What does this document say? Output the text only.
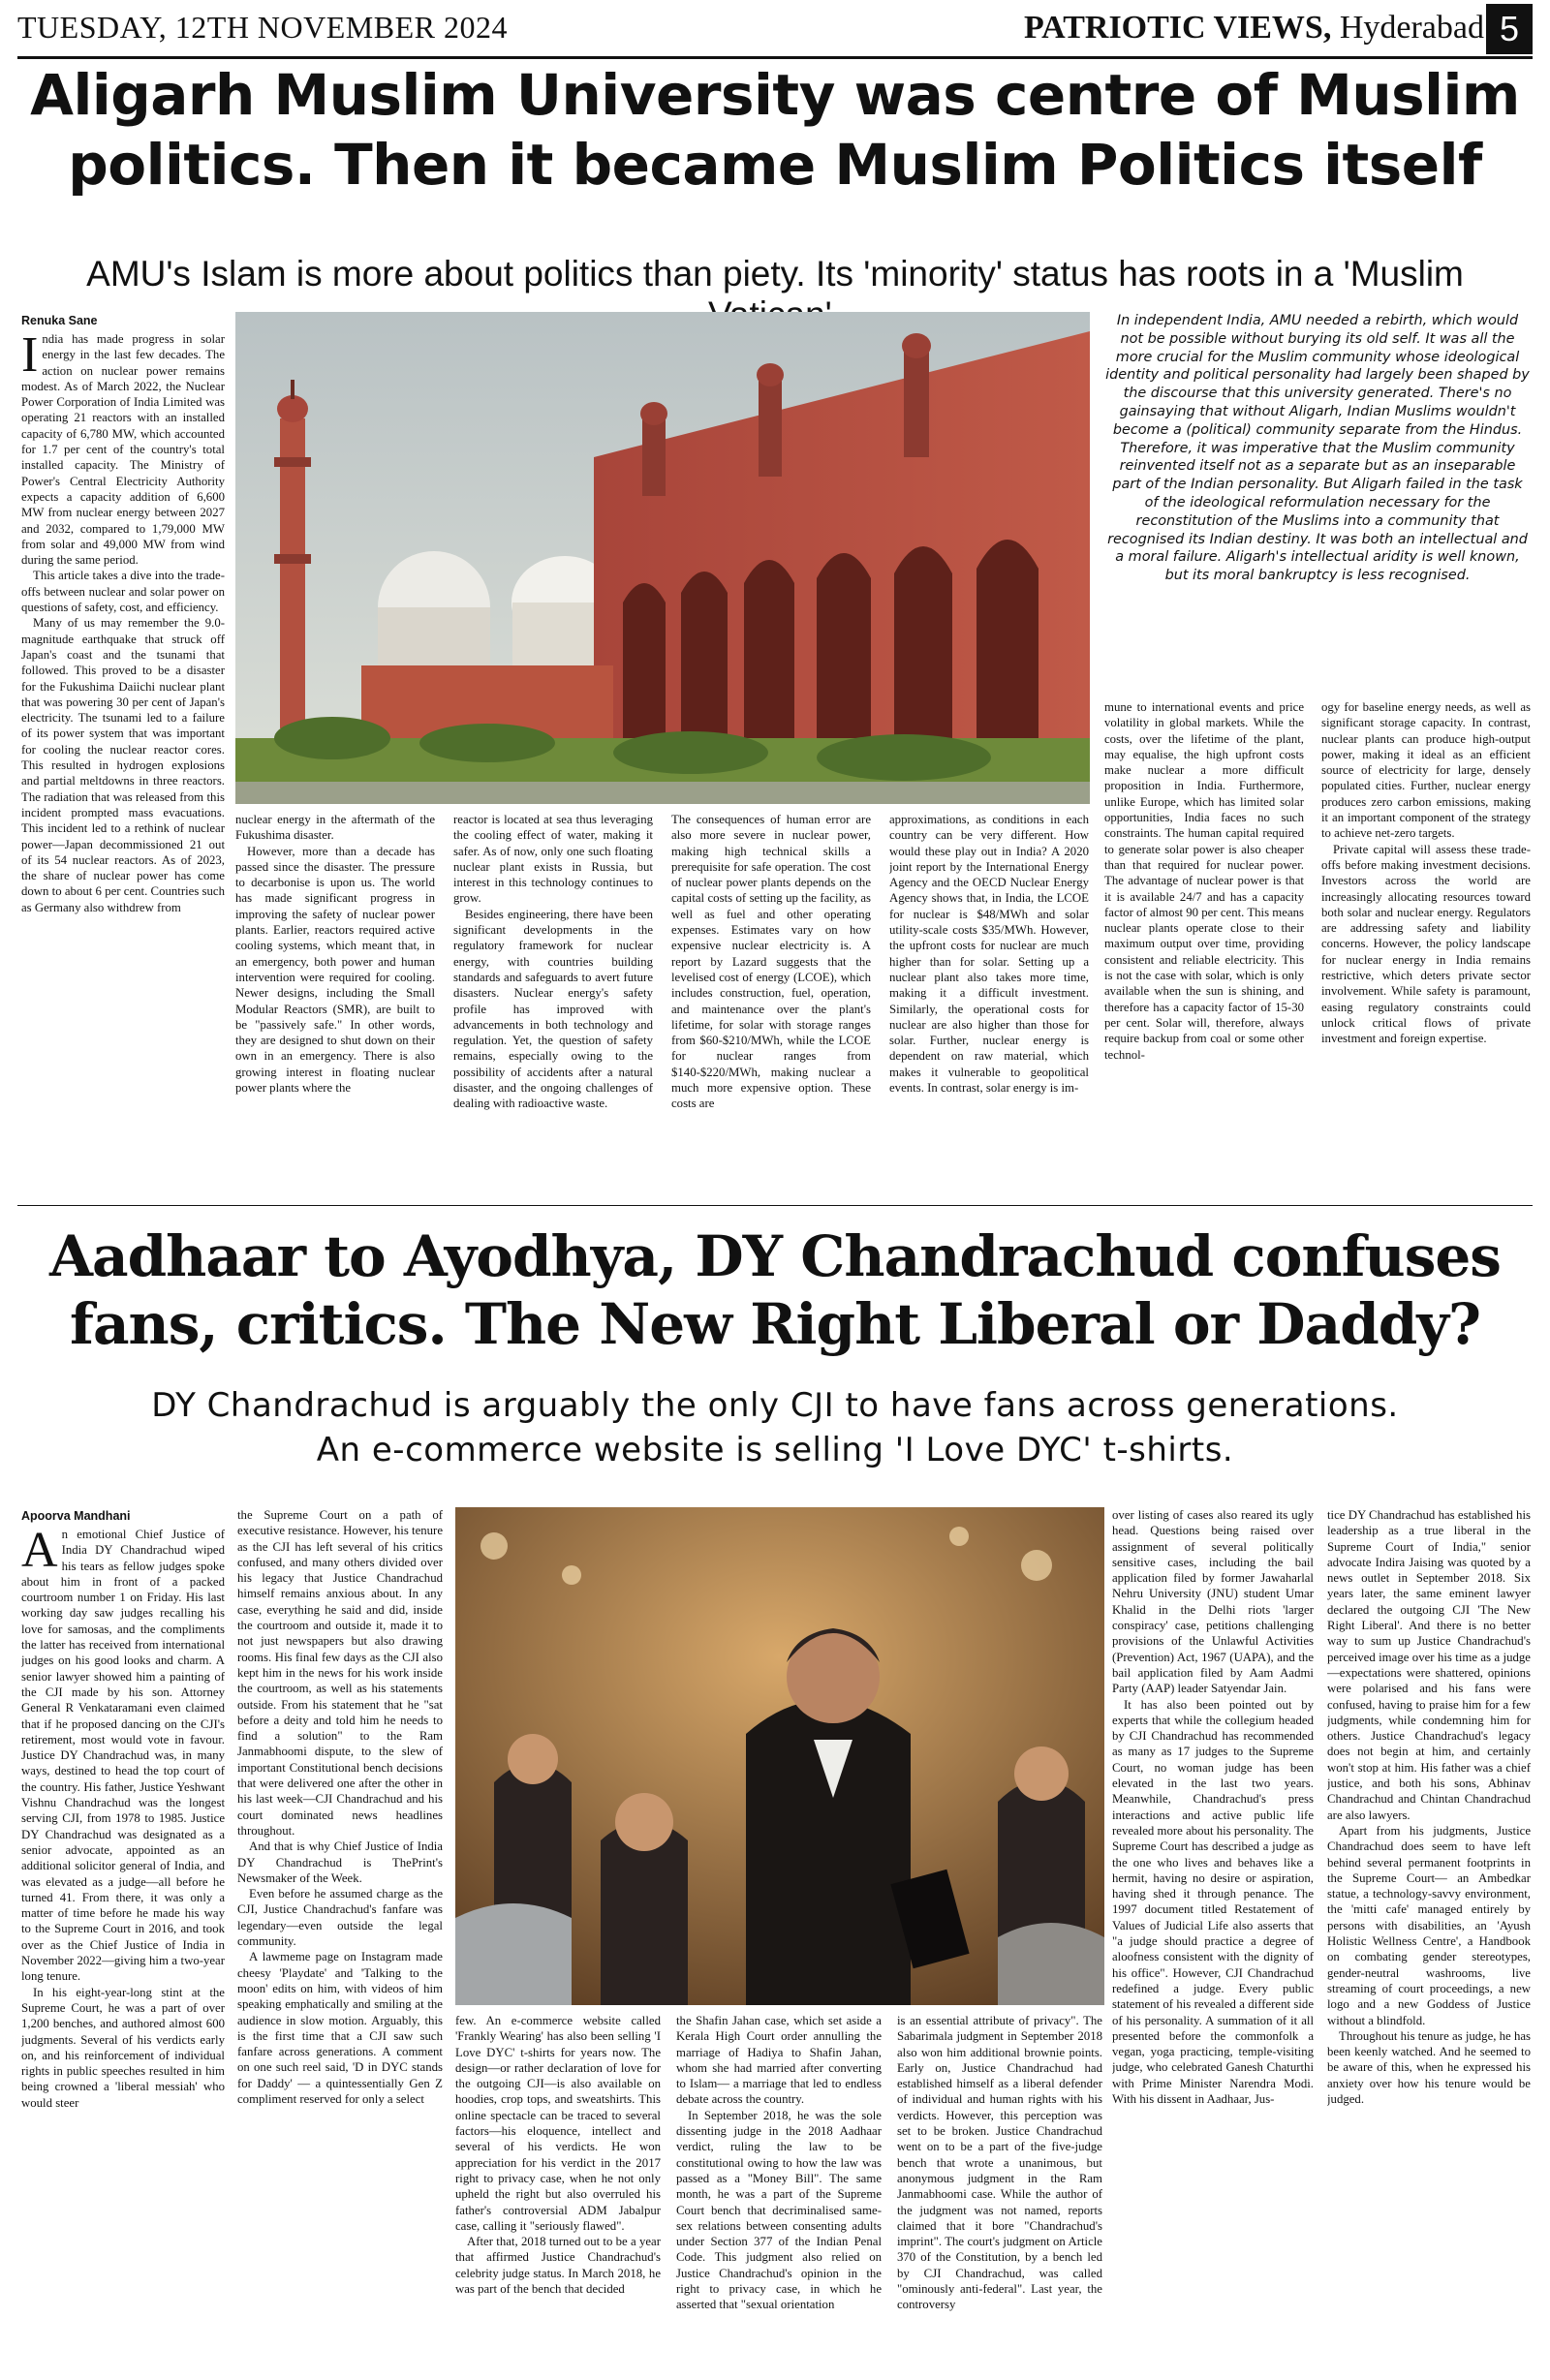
TUESDAY, 12TH NOVEMBER 2024	PATRIOTIC VIEWS, Hyderabad 5
Aligarh Muslim University was centre of Muslim
politics. Then it became Muslim Politics itself
AMU's Islam is more about politics than piety. Its 'minority' status has roots in a 'Muslim
Renuka Sane

India has made progress in solar energy in the last few decades. The action on nuclear power remains modest. As of March 2022, the Nuclear Power Corporation of India Limited was operating 21 reactors with an installed capacity of 6,780 MW, which accounted for 1.7 per cent of the country's total installed capacity. The Ministry of Power's Central Electricity Authority expects a capacity addition of 6,600 MW from nuclear energy between 2027 and 2032, compared to 1,79,000 MW from solar and 49,000 MW from wind during the same period.

This article takes a dive into the trade-offs between nuclear and solar power on questions of safety, cost, and efficiency.

Many of us may remember the 9.0-magnitude earthquake that struck off Japan's coast and the tsunami that followed. This proved to be a disaster for the Fukushima Daiichi nuclear plant that was powering 30 per cent of Japan's electricity. The tsunami led to a failure of its power system that was important for cooling the nuclear reactor cores. This resulted in hydrogen explosions and partial meltdowns in three reactors. The radiation that was released from this incident prompted mass evacuations. This incident led to a rethink of nuclear power—Japan decommissioned 21 out of its 54 nuclear reactors. As of 2023, the share of nuclear power has come down to about 6 per cent. Countries such as Germany also withdrew from

In independent India, AMU needed a rebirth, which would not be possible without burying its old self. It was all the more crucial for the Muslim community whose ideological identity and political personality had largely been shaped by the discourse that this university generated. There's no gainsaying that without Aligarh, Indian Muslims wouldn't become a (political) community separate from the Hindus. Therefore, it was imperative that the Muslim community reinvented itself not as a separate but as an inseparable part of the Indian personality. But Aligarh failed in the task of the ideological reformulation necessary for the reconstitution of the Muslims into a community that recognised its Indian destiny. It was both an intellectual and a moral failure. Aligarh's intellectual aridity is well known, but its moral bankruptcy is less recognised.

nuclear energy in the aftermath of the Fukushima disaster.

However, more than a decade has passed since the disaster. The pressure to decarbonise is upon us. The world has made significant progress in improving the safety of nuclear power plants. Earlier, reactors required active cooling systems, which meant that, in an emergency, both power and human intervention were required for cooling. Newer designs, including the Small Modular Reactors (SMR), are built to be "passively safe." In other words, they are designed to shut down on their own in an emergency. There is also growing interest in floating nuclear power plants where the

reactor is located at sea thus leveraging the cooling effect of water, making it safer. As of now, only one such floating nuclear plant exists in Russia, but interest in this technology continues to grow.

Besides engineering, there have been significant developments in the regulatory framework for nuclear energy, with countries building standards and safeguards to avert future disasters. Nuclear energy's safety profile has improved with advancements in both technology and regulation. Yet, the question of safety remains, especially owing to the possibility of accidents after a natural disaster, and the ongoing challenges of dealing with radioactive waste.

The consequences of human error are also more severe in nuclear power, making high technical skills a prerequisite for safe operation. The cost of nuclear power plants depends on the capital costs of setting up the facility, as well as fuel and other operating expenses. Estimates vary on how expensive nuclear electricity is. A report by Lazard suggests that the levelised cost of energy (LCOE), which includes construction, fuel, operation, and maintenance over the plant's lifetime, for solar with storage ranges from $60-$210/MWh, while the LCOE for nuclear ranges from $140-$220/MWh, making nuclear a much more expensive option. These costs are

approximations, as conditions in each country can be very different. How would these play out in India? A 2020 joint report by the International Energy Agency and the OECD Nuclear Energy Agency shows that, in India, the LCOE for nuclear is $48/MWh and solar utility-scale costs $35/MWh. However, the upfront costs for nuclear are much higher than for solar. Setting up a nuclear plant also takes more time, making it a difficult investment. Similarly, the operational costs for nuclear are also higher than those for solar. Further, nuclear energy is dependent on raw material, which makes it vulnerable to geopolitical events. In contrast, solar energy is im-

mune to international events and price volatility in global markets. While the costs, over the lifetime of the plant, may equalise, the high upfront costs make nuclear a more difficult proposition in India. Furthermore, unlike Europe, which has limited solar opportunities, India faces no such constraints. The human capital required to generate solar power is also cheaper than that required for nuclear power. The advantage of nuclear power is that it is available 24/7 and has a capacity factor of almost 90 per cent. This means nuclear plants operate close to their maximum output over time, providing consistent and reliable electricity. This is not the case with solar, which is only available when the sun is shining, and therefore has a capacity factor of 15-30 per cent. Solar will, therefore, always require backup from coal or some other technol-

ogy for baseline energy needs, as well as significant storage capacity. In contrast, nuclear plants can produce high-output power, making it ideal as an efficient source of electricity for large, densely populated cities. Further, nuclear energy produces zero carbon emissions, making it an important component of the strategy to achieve net-zero targets.

Private capital will assess these trade-offs before making investment decisions. Investors across the world are increasingly allocating resources toward both solar and nuclear energy. Regulators are addressing safety and liability concerns. However, the policy landscape for nuclear energy in India remains restrictive, which deters private sector involvement. While safety is paramount, easing regulatory constraints could unlock critical flows of private investment and foreign expertise.

Aadhaar to Ayodhya, DY Chandrachud confuses
fans, critics. The New Right Liberal or Daddy?
DY Chandrachud is arguably the only CJI to have fans across generations.
An e-commerce website is selling 'I Love DYC' t-shirts.
Apoorva Mandhani

An emotional Chief Justice of India DY Chandrachud wiped his tears as fellow judges spoke about him in front of a packed courtroom number 1 on Friday. His last working day saw judges recalling his love for samosas, and the compliments the latter has received from international judges on his good looks and charm. A senior lawyer showed him a painting of the CJI made by his son. Attorney General R Venkataramani even claimed that if he proposed dancing on the CJI's retirement, most would vote in favour. Justice DY Chandrachud was, in many ways, destined to head the top court of the country. His father, Justice Yeshwant Vishnu Chandrachud was the longest serving CJI, from 1978 to 1985. Justice DY Chandrachud was designated as a senior advocate, appointed as an additional solicitor general of India, and was elevated as a judge—all before he turned 41. From there, it was only a matter of time before he made his way to the Supreme Court in 2016, and took over as the Chief Justice of India in November 2022—giving him a two-year long tenure.

In his eight-year-long stint at the Supreme Court, he was a part of over 1,200 benches, and authored almost 600 judgments. Several of his verdicts early on, and his reinforcement of individual rights in public speeches resulted in him being crowned a 'liberal messiah' who would steer

the Supreme Court on a path of executive resistance. However, his tenure as the CJI has left several of his critics confused, and many others divided over his legacy that Justice Chandrachud himself remains anxious about. In any case, everything he said and did, inside the courtroom and outside it, made it to not just newspapers but also drawing rooms. His final few days as the CJI also kept him in the news for his work inside the courtroom, as well as his statements outside. From his statement that he "sat before a deity and told him he needs to find a solution" to the Ram Janmabhoomi dispute, to the slew of important Constitutional bench decisions that were delivered one after the other in his last week—CJI Chandrachud and his court dominated news headlines throughout.

And that is why Chief Justice of India DY Chandrachud is ThePrint's Newsmaker of the Week.

Even before he assumed charge as the CJI, Justice Chandrachud's fanfare was legendary—even outside the legal community.

A lawmeme page on Instagram made cheesy 'Playdate' and 'Talking to the moon' edits on him, with videos of him speaking emphatically and smiling at the audience in slow motion. Arguably, this is the first time that a CJI saw such fanfare across generations. A comment on one such reel said, 'D in DYC stands for Daddy' — a quintessentially Gen Z compliment reserved for only a select

few. An e-commerce website called 'Frankly Wearing' has also been selling 'I Love DYC' t-shirts for years now. The design—or rather declaration of love for the outgoing CJI—is also available on hoodies, crop tops, and sweatshirts. This online spectacle can be traced to several factors—his eloquence, intellect and several of his verdicts. He won appreciation for his verdict in the 2017 right to privacy case, when he not only upheld the right but also overruled his father's controversial ADM Jabalpur case, calling it "seriously flawed".

After that, 2018 turned out to be a year that affirmed Justice Chandrachud's celebrity judge status. In March 2018, he was part of the bench that decided

the Shafin Jahan case, which set aside a Kerala High Court order annulling the marriage of Hadiya to Shafin Jahan, whom she had married after converting to Islam— a marriage that led to endless debate across the country.

In September 2018, he was the sole dissenting judge in the 2018 Aadhaar verdict, ruling the law to be constitutional owing to how the law was passed as a "Money Bill". The same month, he was a part of the Supreme Court bench that decriminalised same-sex relations between consenting adults under Section 377 of the Indian Penal Code. This judgment also relied on Justice Chandrachud's opinion in the right to privacy case, in which he asserted that "sexual orientation

is an essential attribute of privacy". The Sabarimala judgment in September 2018 also won him additional brownie points. Early on, Justice Chandrachud had established himself as a liberal defender of individual and human rights with his verdicts. However, this perception was set to be broken. Justice Chandrachud went on to be a part of the five-judge bench that wrote a unanimous, but anonymous judgment in the Ram Janmabhoomi case. While the author of the judgment was not named, reports claimed that it bore "Chandrachud's imprint". The court's judgment on Article 370 of the Constitution, by a bench led by CJI Chandrachud, was called "ominously anti-federal". Last year, the controversy

over listing of cases also reared its ugly head. Questions being raised over assignment of several politically sensitive cases, including the bail application filed by former Jawaharlal Nehru University (JNU) student Umar Khalid in the Delhi riots 'larger conspiracy' case, petitions challenging provisions of the Unlawful Activities (Prevention) Act, 1967 (UAPA), and the bail application filed by Aam Aadmi Party (AAP) leader Satyendar Jain.

It has also been pointed out by experts that while the collegium headed by CJI Chandrachud has recommended as many as 17 judges to the Supreme Court, no woman judge has been elevated in the last two years. Meanwhile, Chandrachud's press interactions and active public life revealed more about his personality. The Supreme Court has described a judge as the one who lives and behaves like a hermit, having no desire or aspiration, having shed it through penance. The 1997 document titled Restatement of Values of Judicial Life also asserts that "a judge should practice a degree of aloofness consistent with the dignity of his office". However, CJI Chandrachud redefined a judge. Every public statement of his revealed a different side of his personality. A summation of it all presented before the commonfolk a vegan, yoga practicing, temple-visiting judge, who celebrated Ganesh Chaturthi with Prime Minister Narendra Modi. With his dissent in Aadhaar, Jus-

tice DY Chandrachud has established his leadership as a true liberal in the Supreme Court of India," senior advocate Indira Jaising was quoted by a news outlet in September 2018. Six years later, the same eminent lawyer declared the outgoing CJI 'The New Right Liberal'. And there is no better way to sum up Justice Chandrachud's perceived image over his time as a judge—expectations were shattered, opinions were polarised and his fans were confused, having to praise him for a few judgments, while condemning him for others. Justice Chandrachud's legacy does not begin at him, and certainly won't stop at him. His father was a chief justice, and both his sons, Abhinav Chandrachud and Chintan Chandrachud are also lawyers.

Apart from his judgments, Justice Chandrachud does seem to have left behind several permanent footprints in the Supreme Court— an Ambedkar statue, a technology-savvy environment, the 'mitti cafe' managed entirely by persons with disabilities, an 'Ayush Holistic Wellness Centre', a Handbook on combating gender stereotypes, gender-neutral washrooms, live streaming of court proceedings, a new logo and a new Goddess of Justice without a blindfold.

Throughout his tenure as judge, he has been keenly watched. And he seemed to be aware of this, when he expressed his anxiety over how his tenure would be judged.
